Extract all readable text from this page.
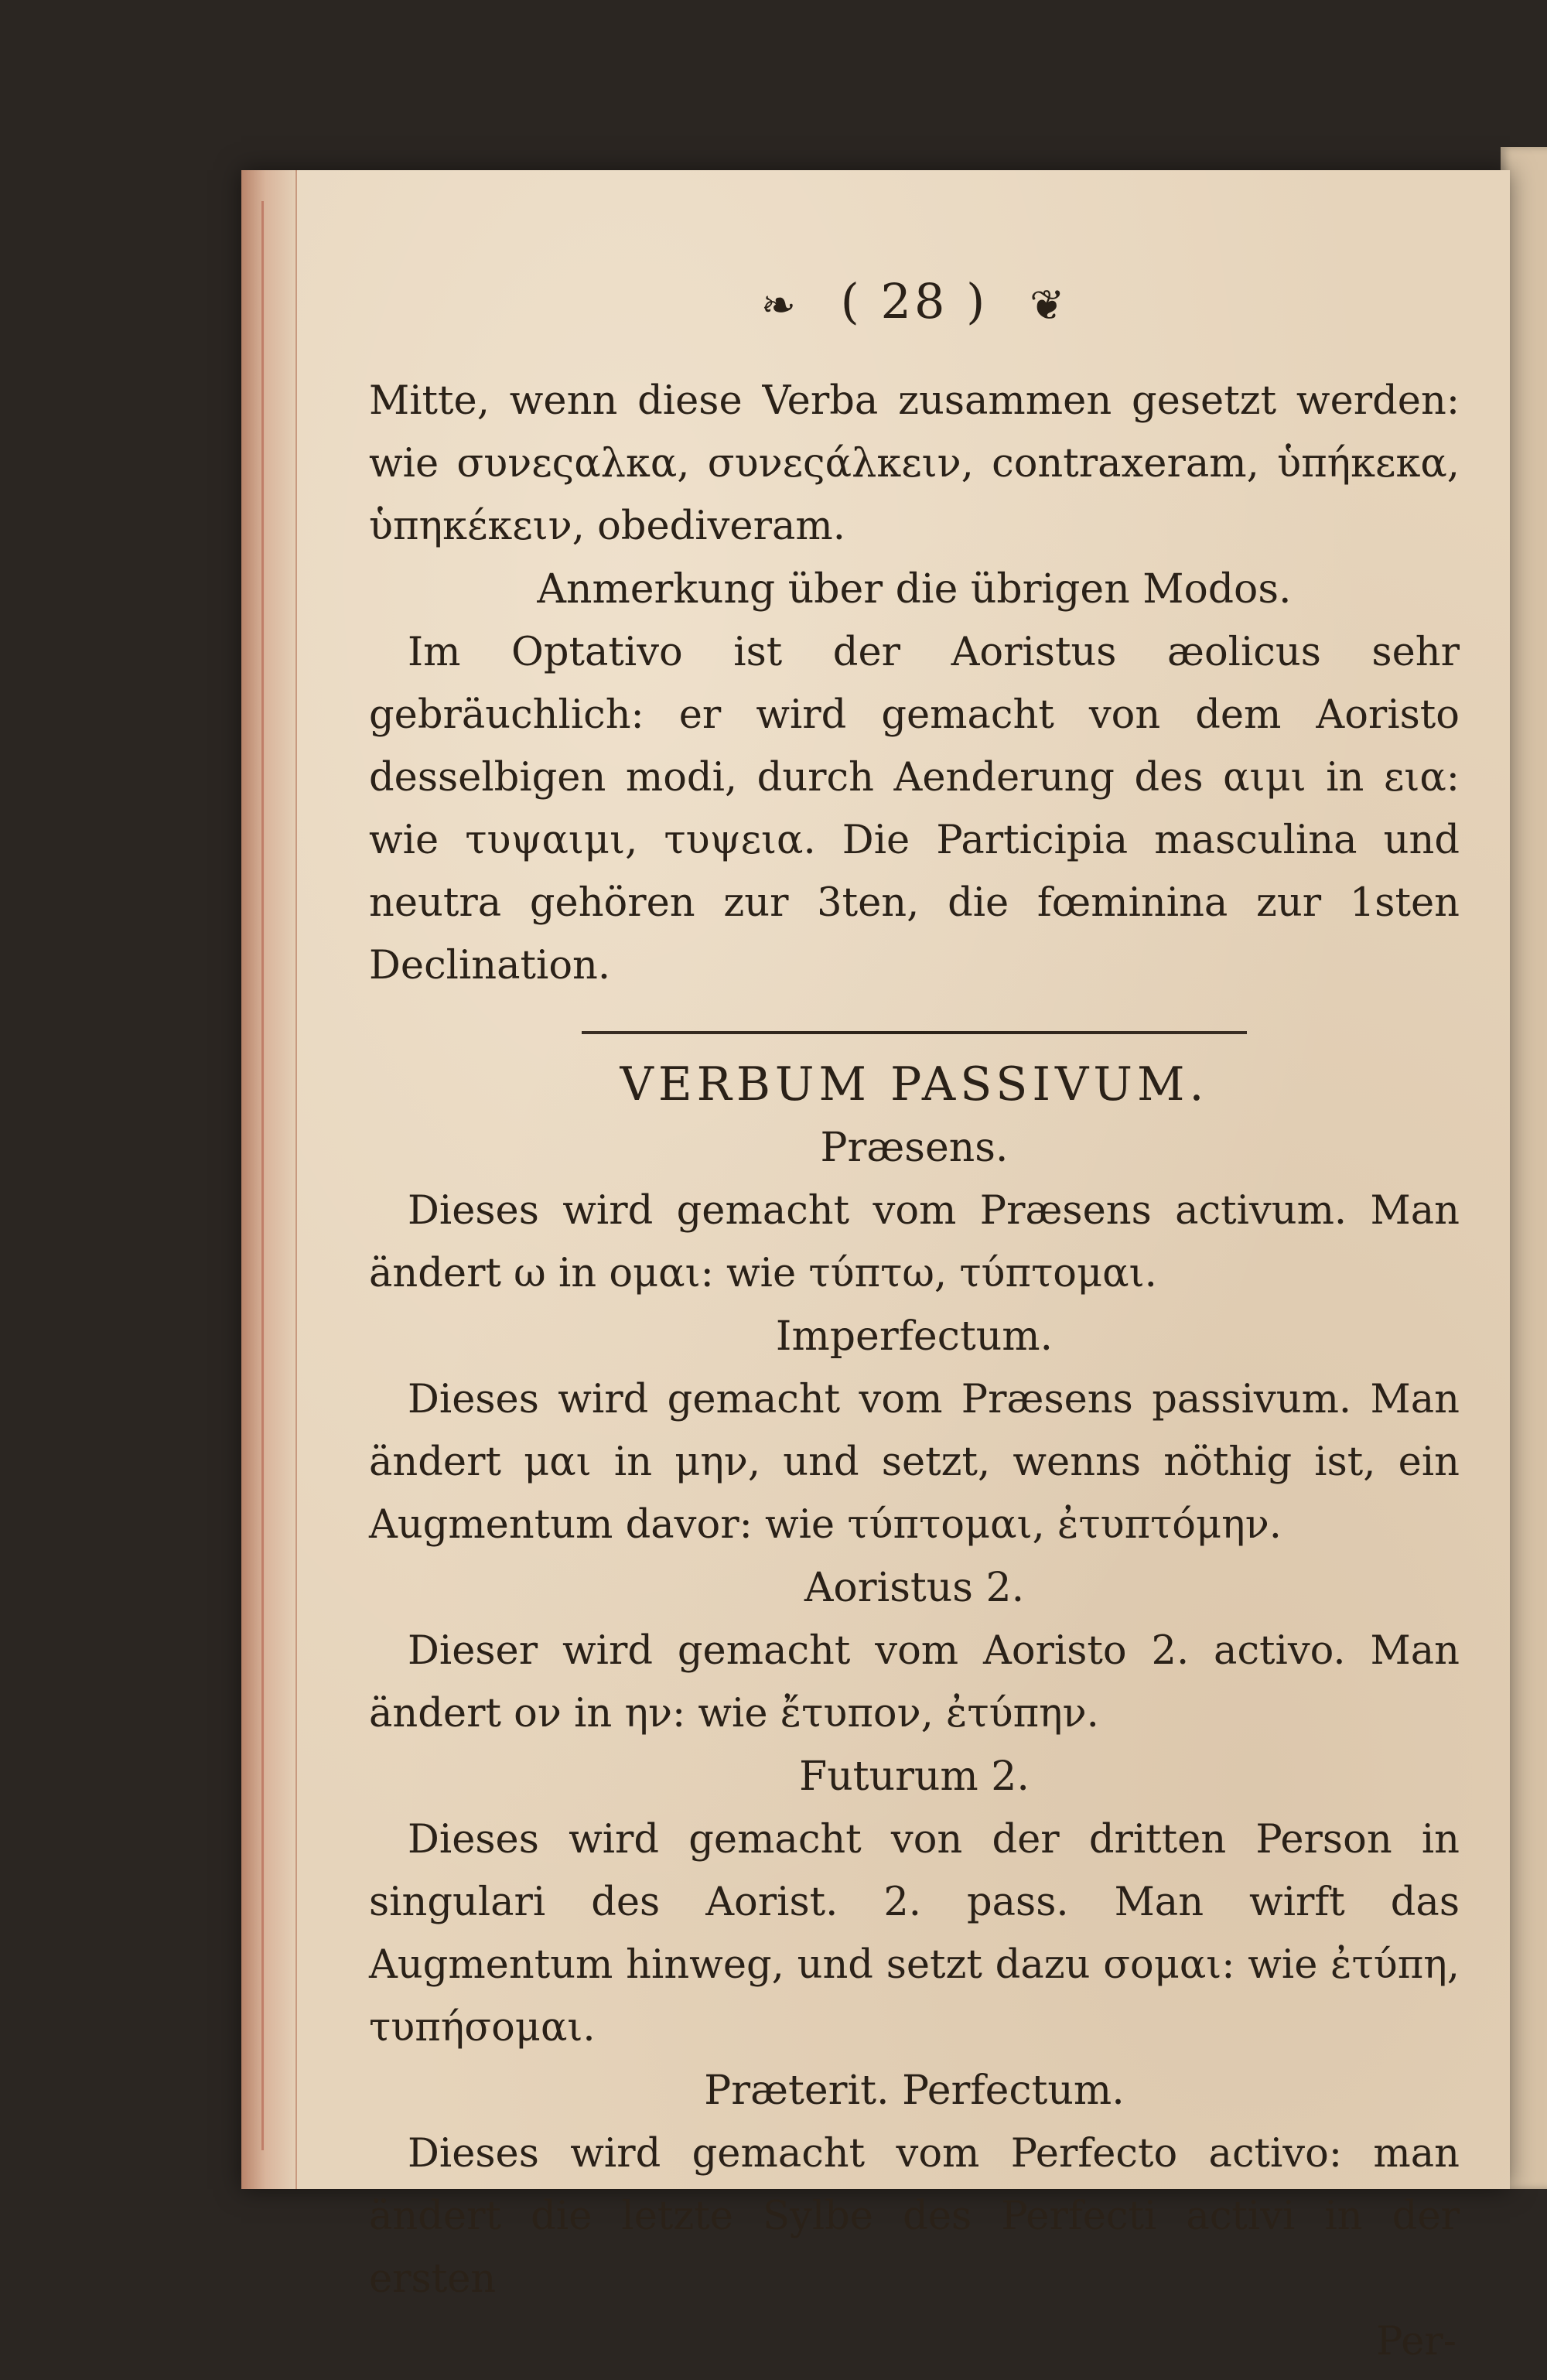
❧ ( 28 ) ❦

Mitte, wenn diese Verba zusammen gesetzt werden: wie συνεςαλκα, συνεςάλκειν, contraxeram, ὑπήκεκα, ὑπηκέκειν, obediveram.

Anmerkung über die übrigen Modos.

Im Optativo ist der Aoristus æolicus sehr gebräuchlich: er wird gemacht von dem Aoristo desselbigen modi, durch Aenderung des αιμι in εια: wie τυψαιμι, τυψεια. Die Participia masculina und neutra gehören zur 3ten, die fœminina zur 1sten Declination.

VERBUM PASSIVUM.
Præsens.

Dieses wird gemacht vom Præsens activum. Man ändert ω in ομαι: wie τύπτω, τύπτομαι.

Imperfectum.

Dieses wird gemacht vom Præsens passivum. Man ändert μαι in μην, und setzt, wenns nöthig ist, ein Augmentum davor: wie τύπτομαι, ἐτυπτόμην.

Aoristus 2.

Dieser wird gemacht vom Aoristo 2. activo. Man ändert ον in ην: wie ἔτυπον, ἐτύπην.

Futurum 2.

Dieses wird gemacht von der dritten Person in singulari des Aorist. 2. pass. Man wirft das Augmentum hinweg, und setzt dazu σομαι: wie ἐτύπη, τυπήσομαι.

Præterit. Perfectum.

Dieses wird gemacht vom Perfecto activo: man ändert die letzte Sylbe des Perfecti activi in der ersten

Per-
